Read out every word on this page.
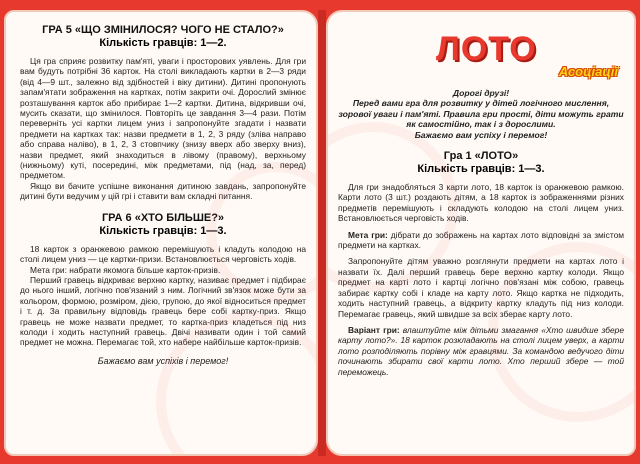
ГРА 5 «ЩО ЗМІНИЛОСЯ? ЧОГО НЕ СТАЛО?»
Кількість гравців: 1—2.

Ця гра сприяє розвитку пам'яті, уваги і просторових уявлень. Для гри вам будуть потрібні 36 карток. На столі викладають картки в 2—3 ряди (від 4—9 шт., залежно від здібностей і віку дитини). Дитині пропонують запам'ятати зображення на картках, потім закрити очі. Дорослий змінює розташування карток або прибирає 1—2 картки. Дитина, відкривши очі, мусить сказати, що змінилося. Повторіть це завдання 3—4 рази. Потім переверніть усі картки лицем униз і запропонуйте згадати і назвати предмети на картках так: назви предмети в 1, 2, 3 ряду (зліва направо або справа наліво), в 1, 2, 3 стовпчику (знизу вверх або зверху вниз), назви предмет, який знаходиться в лівому (правому), верхньому (нижньому) куті, посередині, між предметами, під (над, за, перед) предметом.

Якщо ви бачите успішне виконання дитиною завдань, запропонуйте дитині бути ведучим у цій грі і ставити вам складні питання.

ГРА 6 «ХТО БІЛЬШЕ?»
Кількість гравців: 1—3.

18 карток з оранжевою рамкою перемішують і кладуть колодою на столі лицем униз — це картки-призи. Встановлюється черговість ходів.

Мета гри: набрати якомога більше карток-призів.

Перший гравець відкриває верхню картку, називає предмет і підбирає до нього інший, логічно пов'язаний з ним. Логічний зв'язок може бути за кольором, формою, розміром, дією, групою, до якої відноситься предмет і т. д. За правильну відповідь гравець бере собі картку-приз. Якщо гравець не може назвати предмет, то картка-приз кладеться під низ колоди і ходить наступний гравець. Двічі називати один і той самий предмет не можна. Перемагає той, хто набере найбільше карток-призів.

Бажаємо вам успіхів і перемог!

ЛОТО
Асоціації

Дорогі друзі!

Перед вами гра для розвитку у дітей логічного мислення, зорової уваги і пам'яті. Правила гри прості, діти можуть грати як самостійно, так і з дорослими.

Бажаємо вам успіху і перемог!

Гра 1 «ЛОТО»
Кількість гравців: 1—3.

Для гри знадобляться 3 карти лото, 18 карток із оранжевою рамкою. Карти лото (3 шт.) роздають дітям, а 18 карток із зображеннями різних предметів перемішують і складують колодою на столі лицем униз. Встановлюється черговість ходів.

Мета гри: дібрати до зображень на картах лото відповідні за змістом предмети на картках.

Запропонуйте дітям уважно розглянути предмети на картах лото і назвати їх. Далі перший гравець бере верхню картку колоди. Якщо предмет на карті лото і картці логічно пов'язані між собою, гравець забирає картку собі і кладе на карту лото. Якщо картка не підходить, ходить наступний гравець, а відкриту картку кладуть під низ колоди. Перемагає гравець, який швидше за всіх зберає карту лото.

Варіант гри: влаштуйте між дітьми змагання «Хто швидше зберe карту лото?». 18 карток розкладають на столі лицем уверх, а карти лото розподіляють порівну між гравцями. За командою ведучого діти починають збирати свої карти лото. Хто перший збере — той переможець.
